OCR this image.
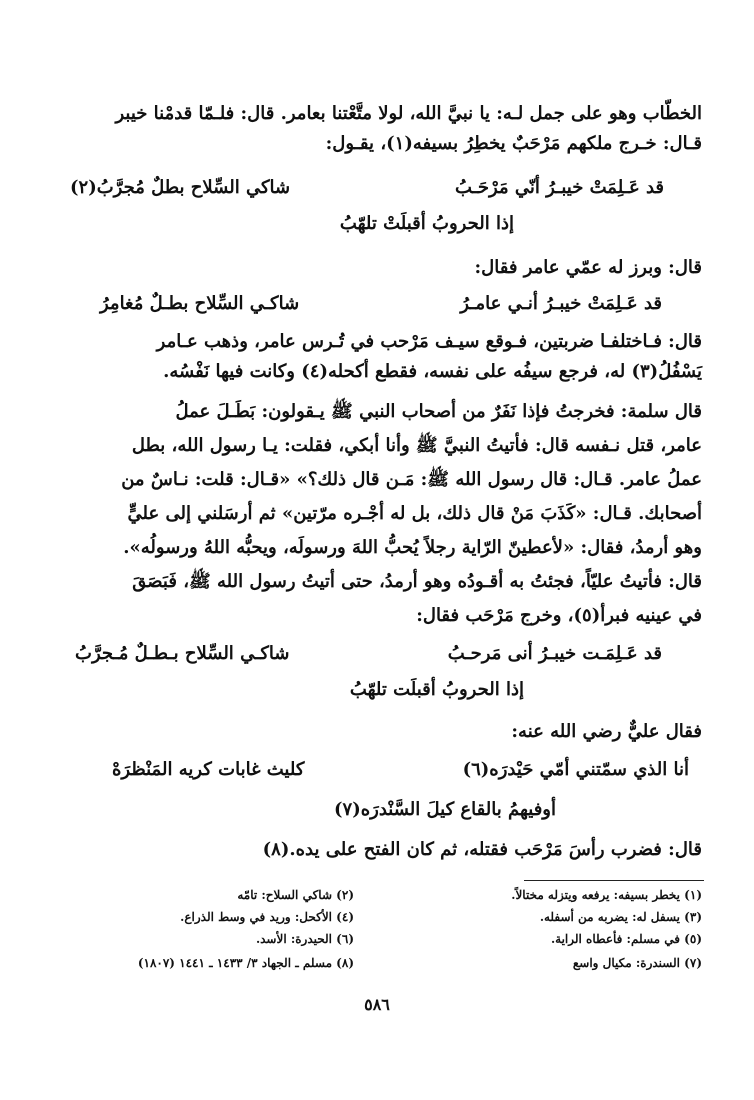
الخطّاب وهو على جمل لـه: يا نبيَّ الله، لولا متَّعْتنا بعامر. قال: فلـمّا قدمْنا خيبر
قـال: خـرج ملكهم مَرْحَبٌ يخطِرُ بسيفه(١)، يقـول:
قد عَـلِمَتْ خيبـرُ أنّي مَرْحَـبُ
شاكي السِّلاح بطلٌ مُجرَّبُ(٢)
إذا الحروبُ أقبلَتْ تلهّبُ
قال: وبرز له عمّي عامر فقال:
قد عَـلِمَتْ خيبـرُ أنـي عامـرُ
شاكـي السِّلاح بطـلٌ مُغامِرُ
قال: فـاختلفـا ضربتين، فـوقع سيـف مَرْحب في تُـرس عامر، وذهب عـامر
يَسْفُلُ(٣) له، فرجع سيفُه على نفسه، فقطع أكحله(٤) وكانت فيها نَفْسُه.
قال سلمة: فخرجتُ فإذا نَفَرٌ من أصحاب النبي ﷺ يـقولون: بَطَـلَ عملُ
عامر، قتل نـفسه قال: فأتيتُ النبيَّ ﷺ وأنا أبكي، فقلت: يـا رسول الله، بطل
عملُ عامر. قـال: قال رسول الله ﷺ: مَـن قال ذلك؟» «قـال: قلت: نـاسٌ من
أصحابك. قـال: «كَذَبَ مَنْ قال ذلك، بل له أجْـره مرّتين» ثم أرسَلني إلى عليٍّ
وهو أرمدُ، فقال: «لأعطينّ الرّاية رجلاً يُحبُّ اللهَ ورسولَه، ويحبُّه اللهُ ورسولُه».
قال: فأتيتُ عليّاً، فجئتُ به أقـودُه وهو أرمدُ، حتى أتيتُ رسول الله ﷺ، فَبَصَقَ
في عينيه فبرأ(٥)، وخرج مَرْحَب فقال:
قد عَـلِمَـت خيبـرُ أنى مَرحـبُ
شاكـي السِّلاح بـطـلٌ مُـجرَّبُ
إذا الحروبُ أقبلَت تلهّبُ
فقال عليٌّ رضي الله عنه:
أنا الذي سمّتني أمّي حَيْدرَه(٦)
كليث غابات كريه المَنْظرَهْ
أوفيهمُ بالقاع كيلَ السَّنْدرَه(٧)
قال: فضرب رأسَ مَرْحَب فقتله، ثم كان الفتح على يده.(٨)
(١) يخطر بسيفه: يرفعه ويتزله مختالاً.
(٢) شاكي السلاح: تامّه
(٣) يسفل له: يضربه من أسفله.
(٤) الأكحل: وريد في وسط الذراع.
(٥) في مسلم: فأعطاه الراية.
(٦) الحيدرة: الأسد.
(٧) السندرة: مكيال واسع
(٨) مسلم ـ الجهاد ٣/ ١٤٣٣ ـ ١٤٤١ (١٨٠٧)
٥٨٦
